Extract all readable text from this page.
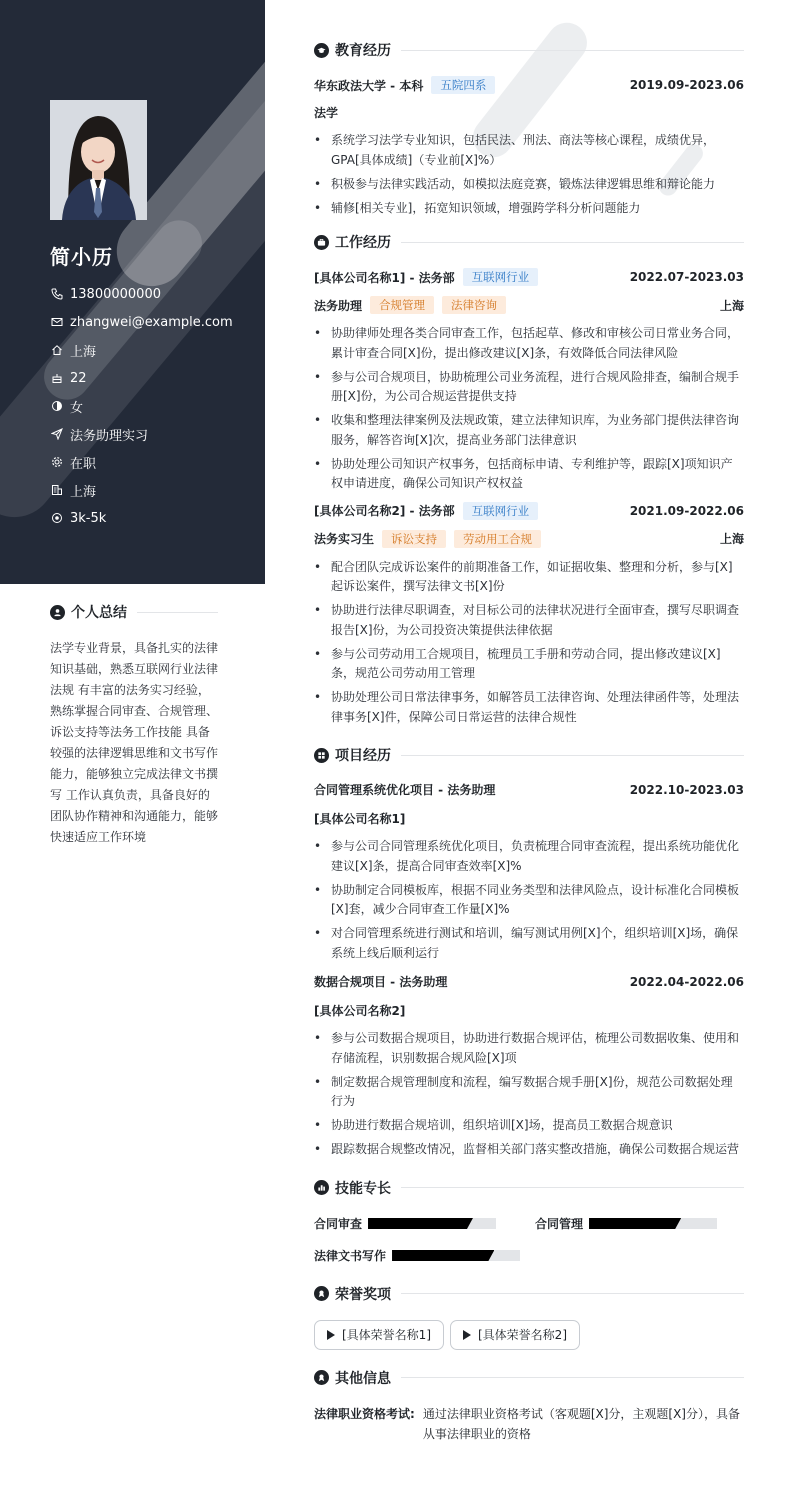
简小历
13800000000
zhangwei@example.com
上海
22
女
法务助理实习
在职
上海
3k-5k
个人总结
法学专业背景，具备扎实的法律知识基础，熟悉互联网行业法律法规 有丰富的法务实习经验，熟练掌握合同审查、合规管理、诉讼支持等法务工作技能 具备较强的法律逻辑思维和文书写作能力，能够独立完成法律文书撰写 工作认真负责，具备良好的团队协作精神和沟通能力，能够快速适应工作环境
教育经历
华东政法大学 - 本科	五院四系	2019.09-2023.06
法学
• 系统学习法学专业知识，包括民法、刑法、商法等核心课程，成绩优异，GPA[具体成绩]（专业前[X]%）
• 积极参与法律实践活动，如模拟法庭竞赛，锻炼法律逻辑思维和辩论能力
• 辅修[相关专业]，拓宽知识领域，增强跨学科分析问题能力
工作经历
[具体公司名称1] - 法务部	互联网行业	2022.07-2023.03
法务助理	合规管理	法律咨询	上海
• 协助律师处理各类合同审查工作，包括起草、修改和审核公司日常业务合同，累计审查合同[X]份，提出修改建议[X]条，有效降低合同法律风险
• 参与公司合规项目，协助梳理公司业务流程，进行合规风险排查，编制合规手册[X]份，为公司合规运营提供支持
• 收集和整理法律案例及法规政策，建立法律知识库，为业务部门提供法律咨询服务，解答咨询[X]次，提高业务部门法律意识
• 协助处理公司知识产权事务，包括商标申请、专利维护等，跟踪[X]项知识产权申请进度，确保公司知识产权权益
[具体公司名称2] - 法务部	互联网行业	2021.09-2022.06
法务实习生	诉讼支持	劳动用工合规	上海
• 配合团队完成诉讼案件的前期准备工作，如证据收集、整理和分析，参与[X]起诉讼案件，撰写法律文书[X]份
• 协助进行法律尽职调查，对目标公司的法律状况进行全面审查，撰写尽职调查报告[X]份，为公司投资决策提供法律依据
• 参与公司劳动用工合规项目，梳理员工手册和劳动合同，提出修改建议[X]条，规范公司劳动用工管理
• 协助处理公司日常法律事务，如解答员工法律咨询、处理法律函件等，处理法律事务[X]件，保障公司日常运营的法律合规性
项目经历
合同管理系统优化项目 - 法务助理	2022.10-2023.03
[具体公司名称1]
• 参与公司合同管理系统优化项目，负责梳理合同审查流程，提出系统功能优化建议[X]条，提高合同审查效率[X]%
• 协助制定合同模板库，根据不同业务类型和法律风险点，设计标准化合同模板[X]套，减少合同审查工作量[X]%
• 对合同管理系统进行测试和培训，编写测试用例[X]个，组织培训[X]场，确保系统上线后顺利运行
数据合规项目 - 法务助理	2022.04-2022.06
[具体公司名称2]
• 参与公司数据合规项目，协助进行数据合规评估，梳理公司数据收集、使用和存储流程，识别数据合规风险[X]项
• 制定数据合规管理制度和流程，编写数据合规手册[X]份，规范公司数据处理行为
• 协助进行数据合规培训，组织培训[X]场，提高员工数据合规意识
• 跟踪数据合规整改情况，监督相关部门落实整改措施，确保公司数据合规运营
技能专长
合同审查	合同管理
法律文书写作
荣誉奖项
[具体荣誉名称1]	[具体荣誉名称2]
其他信息
法律职业资格考试: 通过法律职业资格考试（客观题[X]分，主观题[X]分），具备从事法律职业的资格
